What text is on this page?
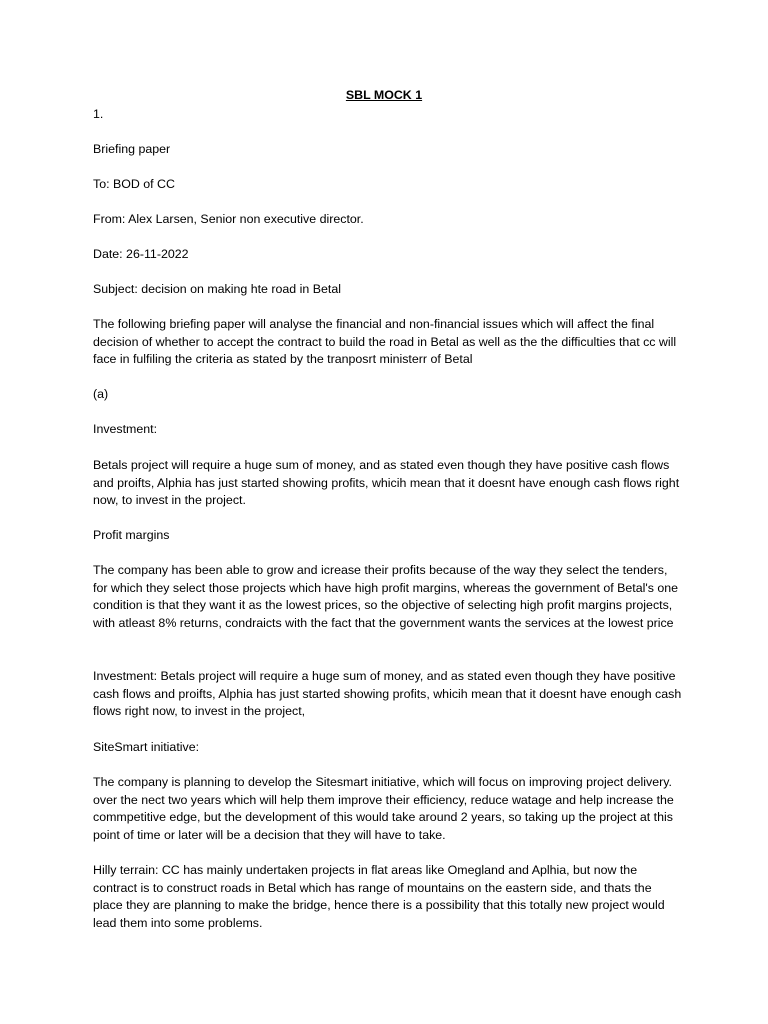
SBL MOCK 1

1.

Briefing paper

To: BOD of CC

From: Alex Larsen, Senior non executive director.

Date: 26-11-2022

Subject: decision on making hte road in Betal

The following briefing paper will analyse the financial and non-financial issues which will affect the final decision of whether to accept the contract to build the road in Betal as well as the the difficulties that cc will face in fulfiling the criteria as stated by the tranposrt ministerr of Betal

(a)

Investment:

Betals project will require a huge sum of money, and as stated even though they have positive cash flows and proifts, Alphia has just started showing profits, whicih mean that it doesnt have enough cash flows right now, to invest in the project.

Profit margins

The company has been able to grow and icrease their profits because of the way they select the tenders, for which they select those projects which have high profit margins, whereas the government of Betal's one condition is that they want it as the lowest prices, so the objective of selecting high profit margins projects, with atleast 8% returns, condraicts with the fact that the government wants the services at the lowest price

Investment: Betals project will require a huge sum of money, and as stated even though they have positive cash flows and proifts, Alphia has just started showing profits, whicih mean that it doesnt have enough cash flows right now, to invest in the project,

SiteSmart initiative:

The company is planning to develop the Sitesmart initiative, which will focus on improving project delivery. over the nect two years which will help them improve their efficiency, reduce watage and help increase the commpetitive edge, but the development of this would take around 2 years, so taking up the project at this point of time or later will be a decision that they will have to take.

Hilly terrain: CC has mainly undertaken projects in flat areas like Omegland and Aplhia, but now the contract is to construct roads in Betal which has range of mountains on the eastern side, and thats the place they are planning to make the bridge, hence there is a possibility that this totally new project would lead them into some problems.
